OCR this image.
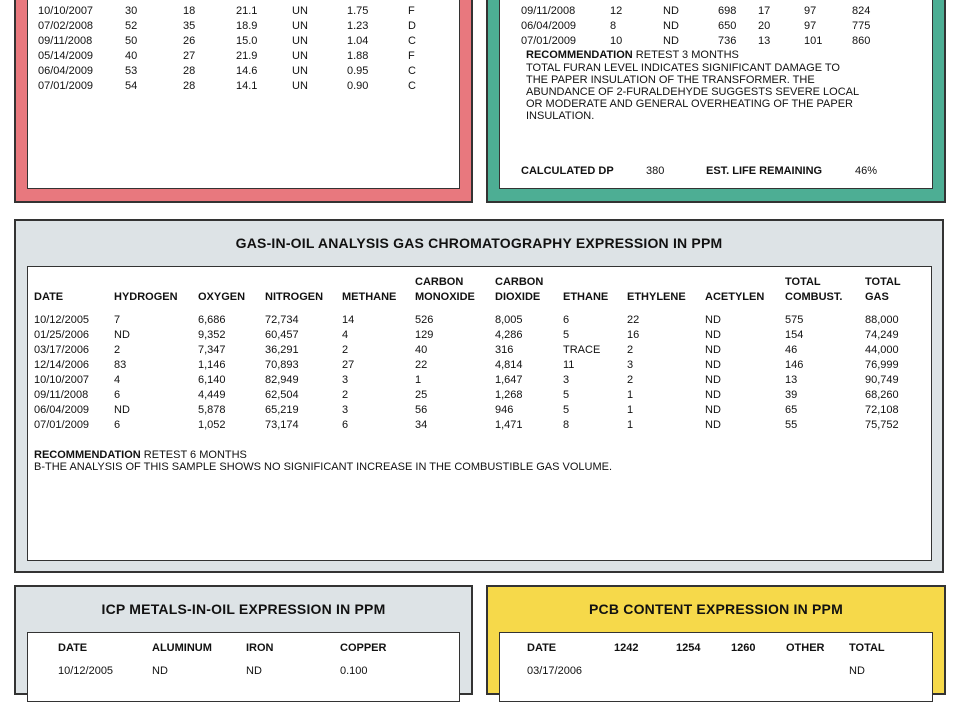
10/10/2007	30	18	21.1	UN	1.75	F
07/02/2008	52	35	18.9	UN	1.23	D
09/11/2008	50	26	15.0	UN	1.04	C
05/14/2009	40	27	21.9	UN	1.88	F
06/04/2009	53	28	14.6	UN	0.95	C
07/01/2009	54	28	14.1	UN	0.90	C
09/11/2008	12	ND	698	17	97	824
06/04/2009	8	ND	650	20	97	775
07/01/2009	10	ND	736	13	101	860
RECOMMENDATION RETEST 3 MONTHS
TOTAL FURAN LEVEL INDICATES SIGNIFICANT DAMAGE TO
THE PAPER INSULATION OF THE TRANSFORMER. THE
ABUNDANCE OF 2-FURALDEHYDE SUGGESTS SEVERE LOCAL
OR MODERATE AND GENERAL OVERHEATING OF THE PAPER
INSULATION.
CALCULATED DP	380	EST. LIFE REMAINING	46%
GAS-IN-OIL ANALYSIS GAS CHROMATOGRAPHY EXPRESSION IN PPM
					CARBON	CARBON				TOTAL	TOTAL
DATE	HYDROGEN	OXYGEN	NITROGEN	METHANE	MONOXIDE	DIOXIDE	ETHANE	ETHYLENE	ACETYLEN	COMBUST.	GAS

10/12/2005	7	6,686	72,734	14	526	8,005	6	22	ND	575	88,000
01/25/2006	ND	9,352	60,457	4	129	4,286	5	16	ND	154	74,249
03/17/2006	2	7,347	36,291	2	40	316	TRACE	2	ND	46	44,000
12/14/2006	83	1,146	70,893	27	22	4,814	11	3	ND	146	76,999
10/10/2007	4	6,140	82,949	3	1	1,647	3	2	ND	13	90,749
09/11/2008	6	4,449	62,504	2	25	1,268	5	1	ND	39	68,260
06/04/2009	ND	5,878	65,219	3	56	946	5	1	ND	65	72,108
07/01/2009	6	1,052	73,174	6	34	1,471	8	1	ND	55	75,752
RECOMMENDATION RETEST 6 MONTHS
B-THE ANALYSIS OF THIS SAMPLE SHOWS NO SIGNIFICANT INCREASE IN THE COMBUSTIBLE GAS VOLUME.
ICP METALS-IN-OIL EXPRESSION IN PPM
DATE	ALUMINUM	IRON	COPPER

10/12/2005	ND	ND	0.100
PCB CONTENT EXPRESSION IN PPM
DATE	1242	1254	1260	OTHER	TOTAL

03/17/2006					ND
